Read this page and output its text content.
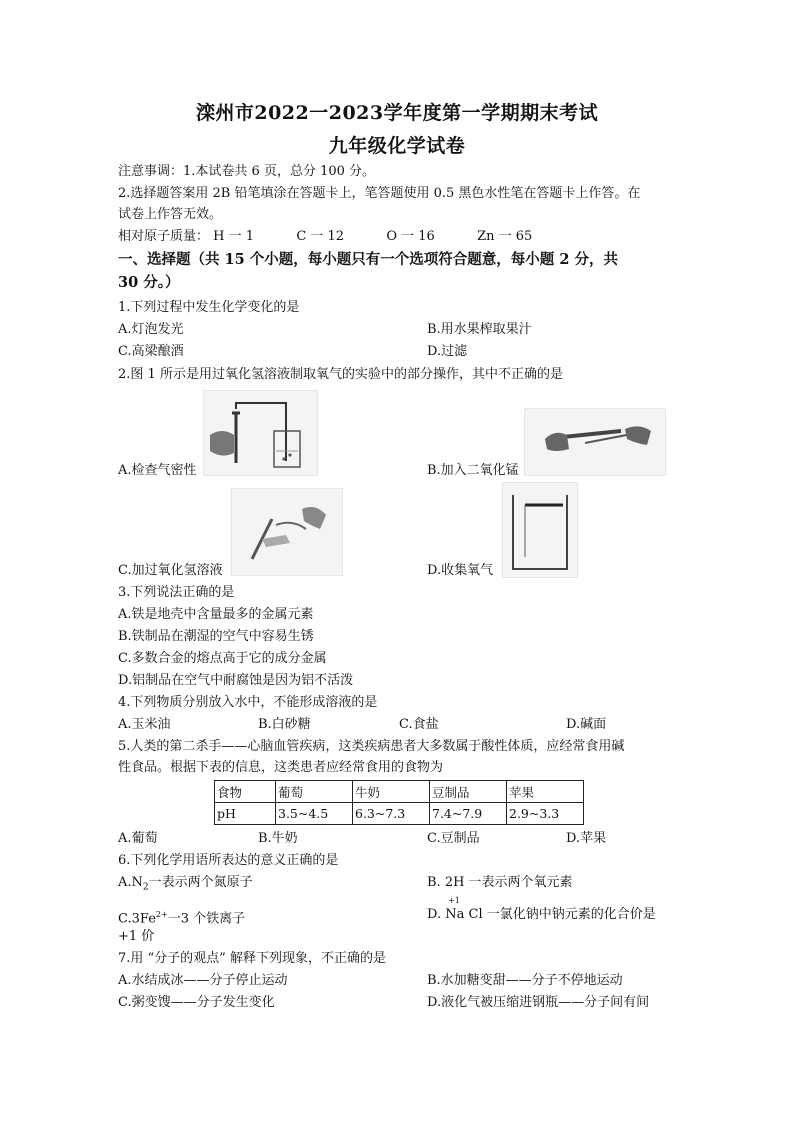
滦州市2022一2023学年度第一学期期末考试
九年级化学试卷
注意事调：1.本试卷共 6 页，总分 100 分。
2.选择题答案用 2B 铅笔填涂在答题卡上，笔答题使用 0.5 黑色水性笔在答题卡上作答。在
试卷上作答无效。
相对原子质量： H 一 1	C 一 12	O 一 16	Zn 一 65
一、选择题（共 15 个小题，每小题只有一个选项符合题意，每小题 2 分，共
30 分。）
1.下列过程中发生化学变化的是
A.灯泡发光	B.用水果榨取果汁
C.高梁酿酒	D.过滤
2.图 1 所示是用过氧化氢溶液制取氧气的实验中的部分操作，其中不正确的是
A.检查气密性	B.加入二氧化锰
C.加过氧化氢溶液	D.收集氧气
3.下列说法正确的是
A.铁是地壳中含量最多的金属元素
B.铁制品在潮湿的空气中容易生锈
C.多数合金的熔点高于它的成分金属
D.铝制品在空气中耐腐蚀是因为铝不活泼
4.下列物质分别放入水中，不能形成溶液的是
A.玉米油	B.白砂糖	C.食盐	D.碱面
5.人类的第二杀手——心脑血管疾病，这类疾病患者大多数属于酸性体质，应经常食用碱
性食品。根据下表的信息，这类患者应经常食用的食物为
食物	葡萄	牛奶	豆制品	苹果
pH	3.5~4.5	6.3~7.3	7.4~7.9	2.9~3.3
A.葡萄	B.牛奶	C.豆制品	D.苹果
6.下列化学用语所表达的意义正确的是
$A.N_2$一表示两个氮原子	B. 2H 一表示两个氧元素
$C.3Fe^{2+}$一3 个铁离子
+1
D. Na Cl 一氯化钠中钠元素的化合价是
+1 价
7.用 “分子的观点” 解释下列现象，不正确的是
A.水结成冰——分子停止运动	B.水加糖变甜——分子不停地运动
C.粥变馊——分子发生变化	D.液化气被压缩进钢瓶——分子间有间
